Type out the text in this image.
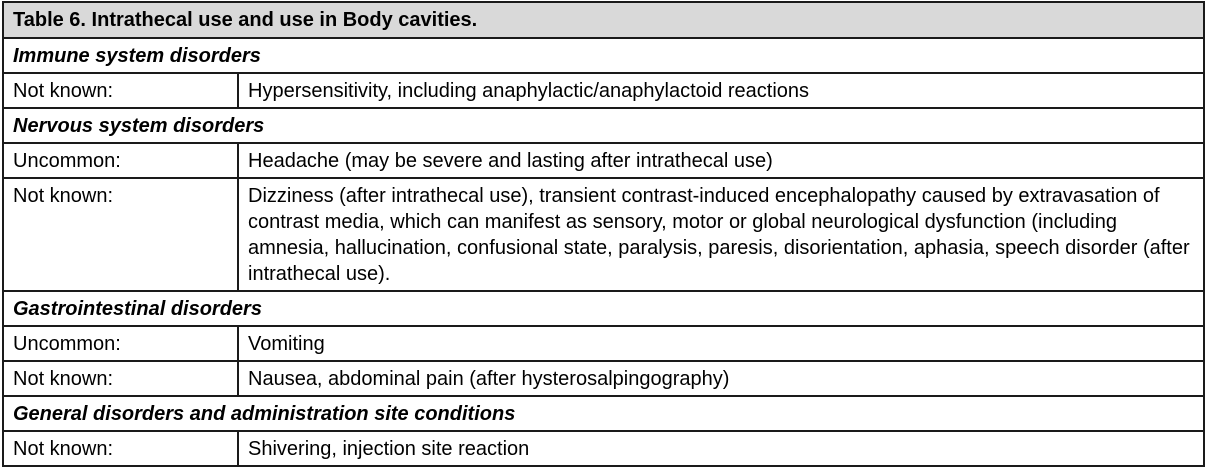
Table 6. Intrathecal use and use in Body cavities.	
Immune system disorders	
Not known:	Hypersensitivity, including anaphylactic/anaphylactoid reactions
Nervous system disorders	
Uncommon:	Headache (may be severe and lasting after intrathecal use)
Not known:	Dizziness (after intrathecal use), transient contrast-induced encephalopathy caused by extravasation of contrast media, which can manifest as sensory, motor or global neurological dysfunction (including amnesia, hallucination, confusional state, paralysis, paresis, disorientation, aphasia, speech disorder (after intrathecal use).
Gastrointestinal disorders	
Uncommon:	Vomiting
Not known:	Nausea, abdominal pain (after hysterosalpingography)
General disorders and administration site conditions	
Not known:	Shivering, injection site reaction
